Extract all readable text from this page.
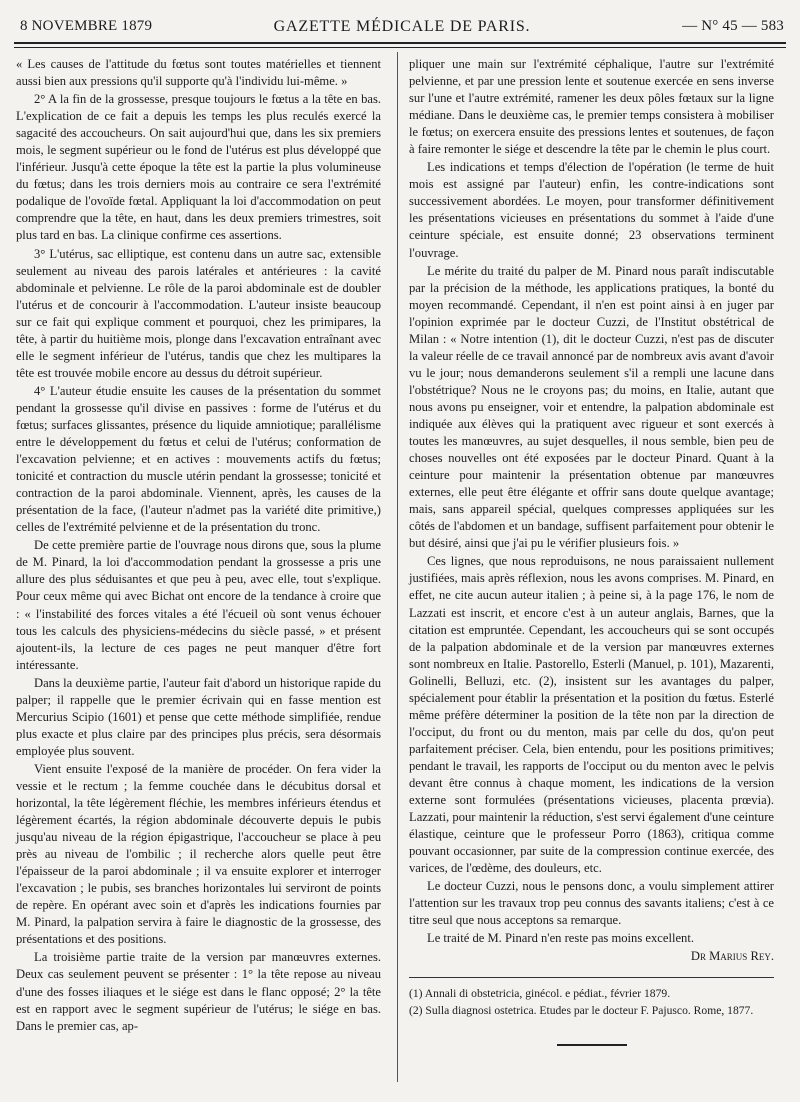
8 NOVEMBRE 1879	GAZETTE MÉDICALE DE PARIS.	— N° 45 — 583

« Les causes de l'attitude du fœtus sont toutes matérielles et tiennent aussi bien aux pressions qu'il supporte qu'à l'individu lui-même. »

2° A la fin de la grossesse, presque toujours le fœtus a la tête en bas. L'explication de ce fait a depuis les temps les plus reculés exercé la sagacité des accoucheurs. On sait aujourd'hui que, dans les six premiers mois, le segment supérieur ou le fond de l'utérus est plus développé que l'inférieur. Jusqu'à cette époque la tête est la partie la plus volumineuse du fœtus; dans les trois derniers mois au contraire ce sera l'extrémité podalique de l'ovoïde fœtal. Appliquant la loi d'accommodation on peut comprendre que la tête, en haut, dans les deux premiers trimestres, soit plus tard en bas. La clinique confirme ces assertions.

3° L'utérus, sac elliptique, est contenu dans un autre sac, extensible seulement au niveau des parois latérales et antérieures : la cavité abdominale et pelvienne. Le rôle de la paroi abdominale est de doubler l'utérus et de concourir à l'accommodation. L'auteur insiste beaucoup sur ce fait qui explique comment et pourquoi, chez les primipares, la tête, à partir du huitième mois, plonge dans l'excavation entraînant avec elle le segment inférieur de l'utérus, tandis que chez les multipares la tête est trouvée mobile encore au dessus du détroit supérieur.

4° L'auteur étudie ensuite les causes de la présentation du sommet pendant la grossesse qu'il divise en passives : forme de l'utérus et du fœtus; surfaces glissantes, présence du liquide amniotique; parallélisme entre le développement du fœtus et celui de l'utérus; conformation de l'excavation pelvienne; et en actives : mouvements actifs du fœtus; tonicité et contraction du muscle utérin pendant la grossesse; tonicité et contraction de la paroi abdominale. Viennent, après, les causes de la présentation de la face, (l'auteur n'admet pas la variété dite primitive,) celles de l'extrémité pelvienne et de la présentation du tronc.

De cette première partie de l'ouvrage nous dirons que, sous la plume de M. Pinard, la loi d'accommodation pendant la grossesse a pris une allure des plus séduisantes et que peu à peu, avec elle, tout s'explique. Pour ceux même qui avec Bichat ont encore de la tendance à croire que : « l'instabilité des forces vitales a été l'écueil où sont venus échouer tous les calculs des physiciens-médecins du siècle passé, » et présent ajoutent-ils, la lecture de ces pages ne peut manquer d'être fort intéressante.

Dans la deuxième partie, l'auteur fait d'abord un historique rapide du palper; il rappelle que le premier écrivain qui en fasse mention est Mercurius Scipio (1601) et pense que cette méthode simplifiée, rendue plus exacte et plus claire par des principes plus précis, sera désormais employée plus souvent.

Vient ensuite l'exposé de la manière de procéder. On fera vider la vessie et le rectum ; la femme couchée dans le décubitus dorsal et horizontal, la tête légèrement fléchie, les membres inférieurs étendus et légèrement écartés, la région abdominale découverte depuis le pubis jusqu'au niveau de la région épigastrique, l'accoucheur se place à peu près au niveau de l'ombilic ; il recherche alors quelle peut être l'épaisseur de la paroi abdominale ; il va ensuite explorer et interroger l'excavation ; le pubis, ses branches horizontales lui serviront de points de repère. En opérant avec soin et d'après les indications fournies par M. Pinard, la palpation servira à faire le diagnostic de la grossesse, des présentations et des positions.

La troisième partie traite de la version par manœuvres externes. Deux cas seulement peuvent se présenter : 1° la tête repose au niveau d'une des fosses iliaques et le siége est dans le flanc opposé; 2° la tête est en rapport avec le segment supérieur de l'utérus; le siége en bas. Dans le premier cas, ap-

pliquer une main sur l'extrémité céphalique, l'autre sur l'extrémité pelvienne, et par une pression lente et soutenue exercée en sens inverse sur l'une et l'autre extrémité, ramener les deux pôles fœtaux sur la ligne médiane. Dans le deuxième cas, le premier temps consistera à mobiliser le fœtus; on exercera ensuite des pressions lentes et soutenues, de façon à faire remonter le siége et descendre la tête par le chemin le plus court.

Les indications et temps d'élection de l'opération (le terme de huit mois est assigné par l'auteur) enfin, les contre-indications sont successivement abordées. Le moyen, pour transformer définitivement les présentations vicieuses en présentations du sommet à l'aide d'une ceinture spéciale, est ensuite donné; 23 observations terminent l'ouvrage.

Le mérite du traité du palper de M. Pinard nous paraît indiscutable par la précision de la méthode, les applications pratiques, la bonté du moyen recommandé. Cependant, il n'en est point ainsi à en juger par l'opinion exprimée par le docteur Cuzzi, de l'Institut obstétrical de Milan : « Notre intention (1), dit le docteur Cuzzi, n'est pas de discuter la valeur réelle de ce travail annoncé par de nombreux avis avant d'avoir vu le jour; nous demanderons seulement s'il a rempli une lacune dans l'obstétrique? Nous ne le croyons pas; du moins, en Italie, autant que nous avons pu enseigner, voir et entendre, la palpation abdominale est indiquée aux élèves qui la pratiquent avec rigueur et sont exercés à toutes les manœuvres, au sujet desquelles, il nous semble, bien peu de choses nouvelles ont été exposées par le docteur Pinard. Quant à la ceinture pour maintenir la présentation obtenue par manœuvres externes, elle peut être élégante et offrir sans doute quelque avantage; mais, sans appareil spécial, quelques compresses appliquées sur les côtés de l'abdomen et un bandage, suffisent parfaitement pour obtenir le but désiré, ainsi que j'ai pu le vérifier plusieurs fois. »

Ces lignes, que nous reproduisons, ne nous paraissaient nullement justifiées, mais après réflexion, nous les avons comprises. M. Pinard, en effet, ne cite aucun auteur italien ; à peine si, à la page 176, le nom de Lazzati est inscrit, et encore c'est à un auteur anglais, Barnes, que la citation est empruntée. Cependant, les accoucheurs qui se sont occupés de la palpation abdominale et de la version par manœuvres externes sont nombreux en Italie. Pastorello, Esterli (Manuel, p. 101), Mazarenti, Golinelli, Belluzi, etc. (2), insistent sur les avantages du palper, spécialement pour établir la présentation et la position du fœtus. Esterlé même préfère déterminer la position de la tête non par la direction de l'occiput, du front ou du menton, mais par celle du dos, qu'on peut parfaitement préciser. Cela, bien entendu, pour les positions primitives; pendant le travail, les rapports de l'occiput ou du menton avec le pelvis devant être connus à chaque moment, les indications de la version externe sont formulées (présentations vicieuses, placenta prœvia). Lazzati, pour maintenir la réduction, s'est servi également d'une ceinture élastique, ceinture que le professeur Porro (1863), critiqua comme pouvant occasionner, par suite de la compression continue exercée, des varices, de l'œdème, des douleurs, etc.

Le docteur Cuzzi, nous le pensons donc, a voulu simplement attirer l'attention sur les travaux trop peu connus des savants italiens; c'est à ce titre seul que nous acceptons sa remarque.

Le traité de M. Pinard n'en reste pas moins excellent.

Dr Marius Rey.

(1) Annali di obstetricia, ginécol. e pédiat., février 1879.

(2) Sulla diagnosi ostetrica. Etudes par le docteur F. Pajusco. Rome, 1877.
